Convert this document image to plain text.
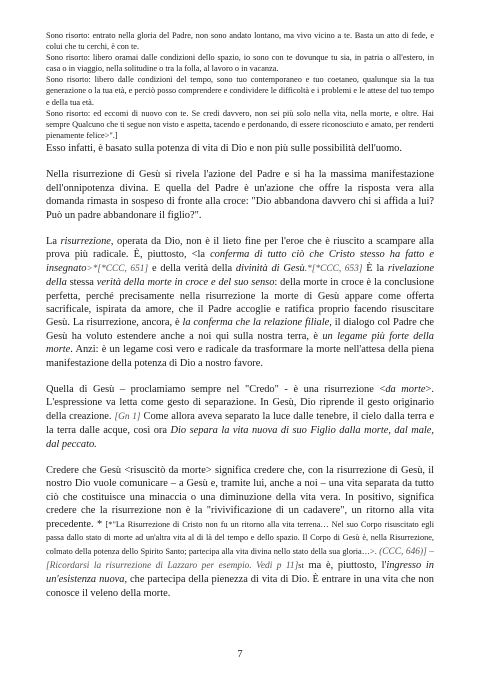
Sono risorto: entrato nella gloria del Padre, non sono andato lontano, ma vivo vicino a te. Basta un atto di fede, e colui che tu cerchi, è con te.

Sono risorto: libero oramai dalle condizioni dello spazio, io sono con te dovunque tu sia, in patria o all'estero, in casa o in viaggio, nella solitudine o tra la folla, al lavoro o in vacanza.

Sono risorto: libero dalle condizioni del tempo, sono tuo contemporaneo e tuo coetaneo, qualunque sia la tua generazione o la tua età, e perciò posso comprendere e condividere le difficoltà e i problemi e le attese del tuo tempo e della tua età.

Sono risorto: ed eccomi di nuovo con te. Se credi davvero, non sei più solo nella vita, nella morte, e oltre. Hai sempre Qualcuno che ti segue non visto e aspetta, tacendo e perdonando, di essere riconosciuto e amato, per renderti pienamente felice>".]

Esso infatti, è basato sulla potenza di vita di Dio e non più sulle possibilità dell'uomo.

Nella risurrezione di Gesù si rivela l'azione del Padre e si ha la massima manifestazione dell'onnipotenza divina. E quella del Padre è un'azione che offre la risposta vera alla domanda rimasta in sospeso di fronte alla croce: "Dio abbandona davvero chi si affida a lui? Può un padre abbandonare il figlio?".

La risurrezione, operata da Dio, non è il lieto fine per l'eroe che è riuscito a scampare alla prova più radicale. È, piuttosto, <la conferma di tutto ciò che Cristo stesso ha fatto e insegnato>*[*CCC, 651] e della verità della divinità di Gesù.*[*CCC, 653] È la rivelazione della stessa verità della morte in croce e del suo senso: della morte in croce è la conclusione perfetta, perché precisamente nella risurrezione la morte di Gesù appare come offerta sacrificale, ispirata da amore, che il Padre accoglie e ratifica proprio facendo risuscitare Gesù. La risurrezione, ancora, è la conferma che la relazione filiale, il dialogo col Padre che Gesù ha voluto estendere anche a noi qui sulla nostra terra, è un legame più forte della morte. Anzi: è un legame così vero e radicale da trasformare la morte nell'attesa della piena manifestazione della potenza di Dio a nostro favore.

Quella di Gesù – proclamiamo sempre nel "Credo" - è una risurrezione <da morte>. L'espressione va letta come gesto di separazione. In Gesù, Dio riprende il gesto originario della creazione. [Gn 1] Come allora aveva separato la luce dalle tenebre, il cielo dalla terra e la terra dalle acque, così ora Dio separa la vita nuova di suo Figlio dalla morte, dal male, dal peccato.

Credere che Gesù <risuscitò da morte> significa credere che, con la risurrezione di Gesù, il nostro Dio vuole comunicare – a Gesù e, tramite lui, anche a noi – una vita separata da tutto ciò che costituisce una minaccia o una diminuzione della vita vera. In positivo, significa credere che la risurrezione non è la "rivivificazione di un cadavere", un ritorno alla vita precedente. * [*"La Risurrezione di Cristo non fu un ritorno alla vita terrena… Nel suo Corpo risuscitato egli passa dallo stato di morte ad un'altra vita al di là del tempo e dello spazio. Il Corpo di Gesù è, nella Risurrezione, colmato della potenza dello Spirito Santo; partecipa alla vita divina nello stato della sua gloria…>. (CCC, 646)] – [Ricordarsi la risurrezione di Lazzaro per esempio. Vedi p 11]st ma è, piuttosto, l'ingresso in un'esistenza nuova, che partecipa della pienezza di vita di Dio. È entrare in una vita che non conosce il veleno della morte.

7
